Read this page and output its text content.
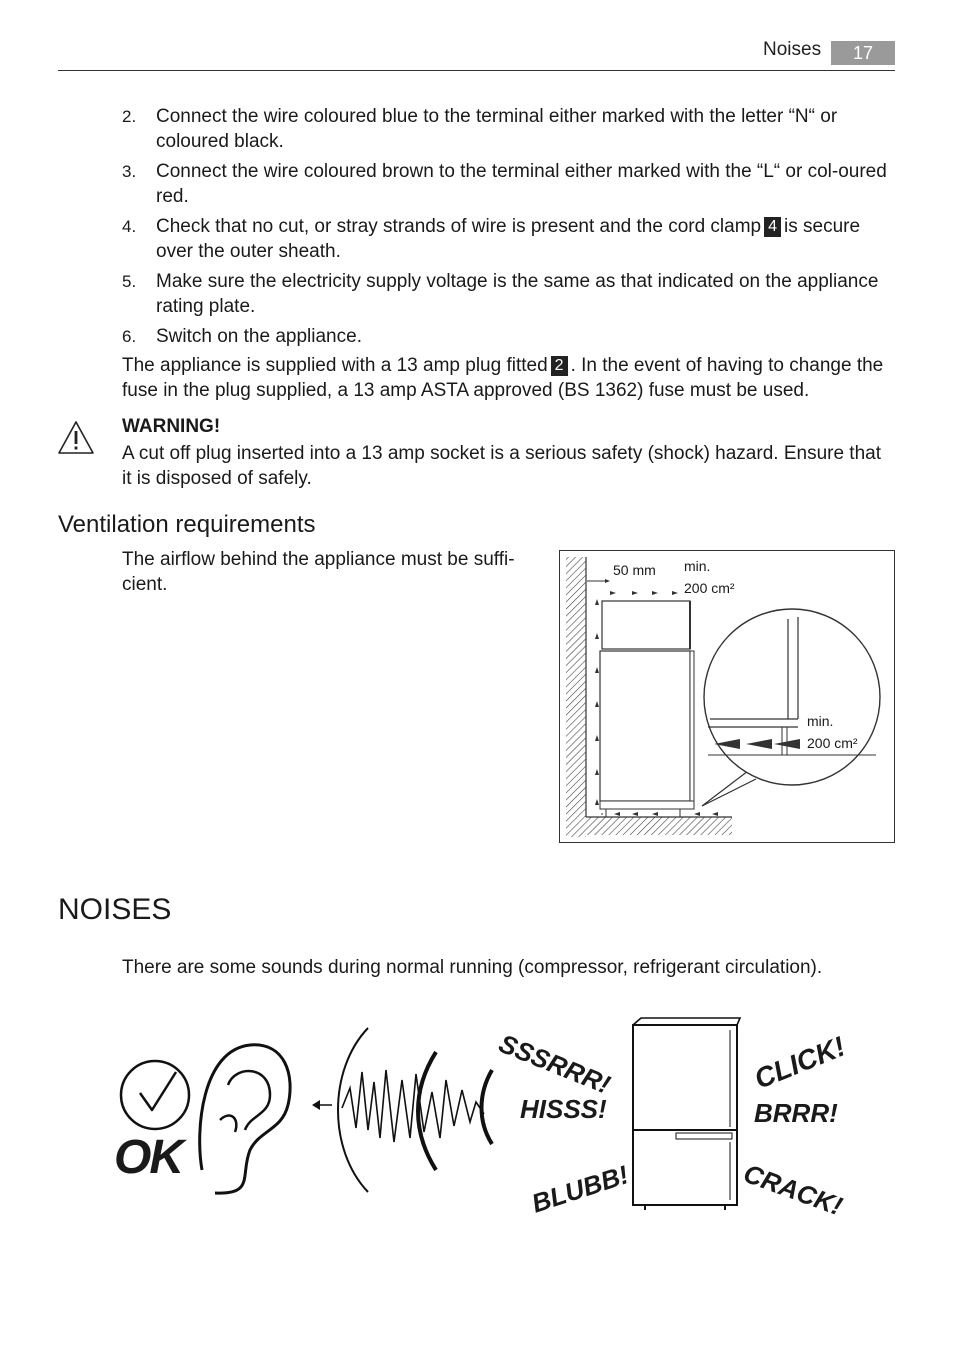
Noises	17
2. Connect the wire coloured blue to the terminal either marked with the letter “N“ or coloured black.
3. Connect the wire coloured brown to the terminal either marked with the “L“ or col-oured red.
4. Check that no cut, or stray strands of wire is present and the cord clamp 4 is secure over the outer sheath.
5. Make sure the electricity supply voltage is the same as that indicated on the appliance rating plate.
6. Switch on the appliance.

The appliance is supplied with a 13 amp plug fitted 2 . In the event of having to change the fuse in the plug supplied, a 13 amp ASTA approved (BS 1362) fuse must be used.

WARNING!

A cut off plug inserted into a 13 amp socket is a serious safety (shock) hazard. Ensure that it is disposed of safely.

Ventilation requirements

The airflow behind the appliance must be suffi-cient.

50 mm min.
200 cm²
min.
200 cm²
NOISES

There are some sounds during normal running (compressor, refrigerant circulation).

OK
SSSRRR!
HISSS!
BLUBB!
CLICK!
BRRR!
CRACK!
